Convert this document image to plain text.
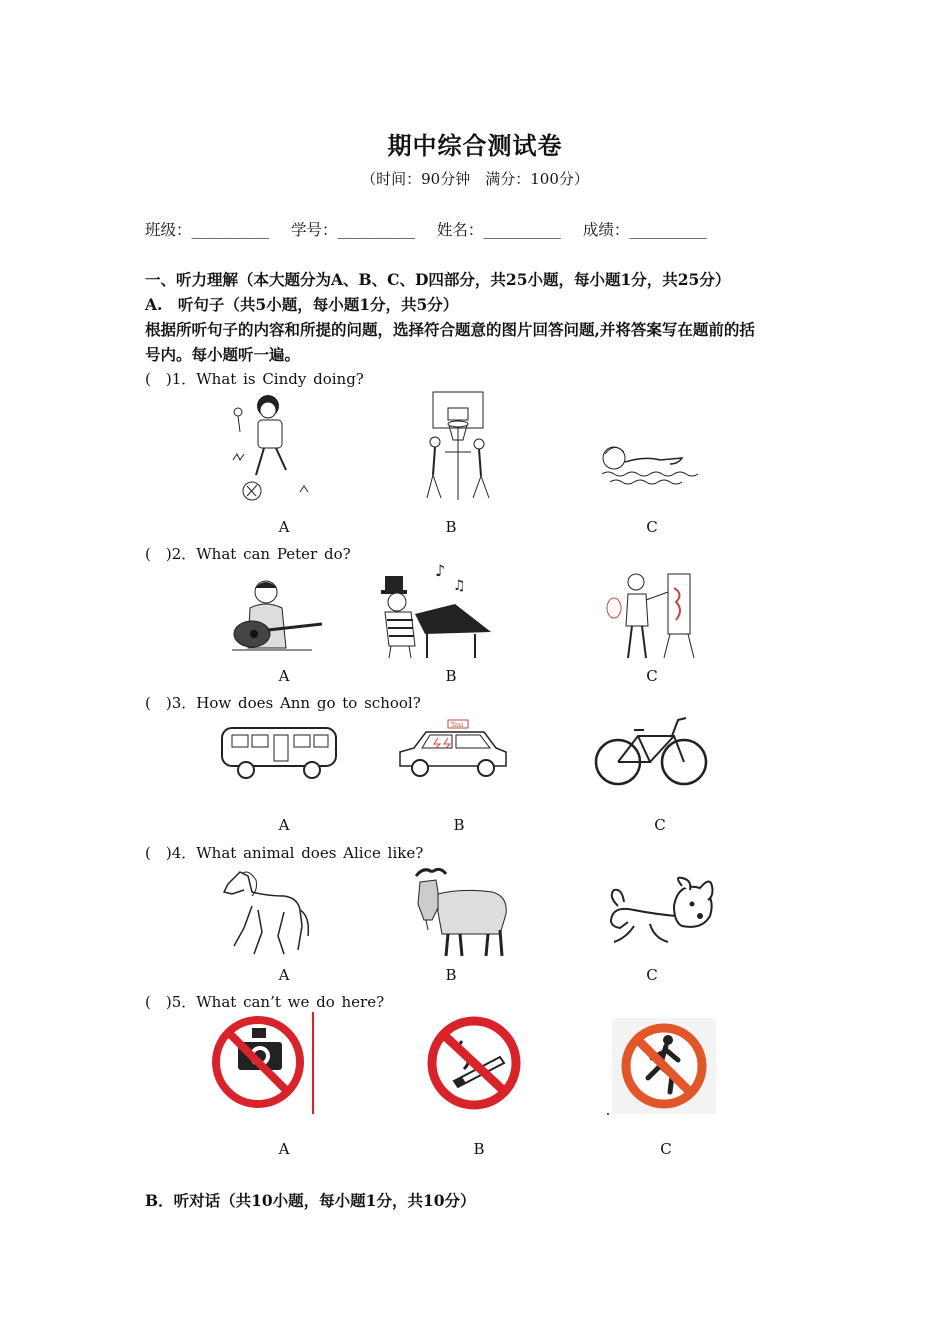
期中综合测试卷
（时间：90分钟　满分：100分）
班级：__________ 学号：__________ 姓名：__________ 成绩：__________
一、听力理解（本大题分为A、B、C、D四部分，共25小题，每小题1分，共25分）
A.　听句子（共5小题，每小题1分，共5分）
根据所听句子的内容和所提的问题，选择符合题意的图片回答问题,并将答案写在题前的括
号内。每小题听一遍。
(　)1．What is Cindy doing?
A	B	C
(　)2．What can Peter do?
♪
♫
A	B	C
(　)3．How does Ann go to school?
Taxi
A	B	C
(　)4．What animal does Alice like?
A	B	C
(　)5．What can’t we do here?
A	B	C
B．听对话（共10小题，每小题1分，共10分）
